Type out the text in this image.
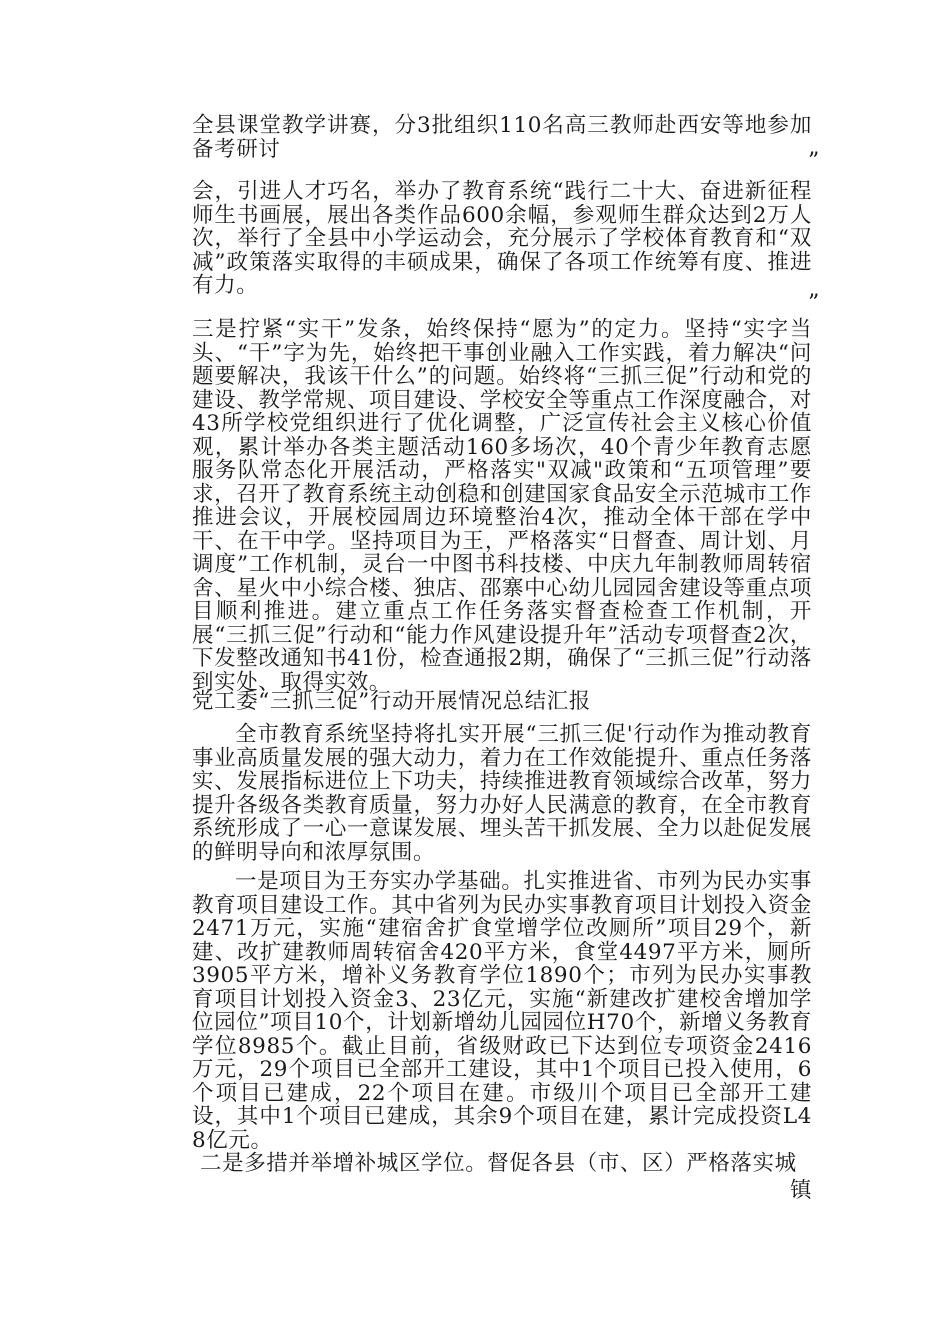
全县课堂教学讲赛，分3批组织110名高三教师赴西安等地参加备考研讨	”
会，引进人才巧名，举办了教育系统“践行二十大、奋进新征程师生书画展，展出各类作品600余幅，参观师生群众达到2万人次，举行了全县中小学运动会，充分展示了学校体育教育和“双减”政策落实取得的丰硕成果，确保了各项工作统筹有度、推进有力。
”
三是拧紧“实干”发条，始终保持“愿为”的定力。坚持“实字当头、“干”字为先，始终把干事创业融入工作实践，着力解决“问题要解决，我该干什么”的问题。始终将“三抓三促”行动和党的建设、教学常规、项目建设、学校安全等重点工作深度融合，对43所学校党组织进行了优化调整，广泛宣传社会主义核心价值观，累计举办各类主题活动160多场次，40个青少年教育志愿服务队常态化开展活动，严格落实"双减"政策和“五项管理”要求，召开了教育系统主动创稳和创建国家食品安全示范城市工作推进会议，开展校园周边环境整治4次，推动全体干部在学中干、在干中学。坚持项目为王，严格落实“日督查、周计划、月调度”工作机制，灵台一中图书科技楼、中庆九年制教师周转宿舍、星火中小综合楼、独店、邵寨中心幼儿园园舍建设等重点项目顺利推进。建立重点工作任务落实督查检查工作机制，开展“三抓三促”行动和“能力作风建设提升年”活动专项督查2次，下发整改通知书41份，检查通报2期，确保了“三抓三促”行动落到实处、取得实效。
党工委“三抓三促”行动开展情况总结汇报
全市教育系统坚持将扎实开展“三抓三促'行动作为推动教育事业高质量发展的强大动力，着力在工作效能提升、重点任务落实、发展指标进位上下功夫，持续推进教育领域综合改革，努力提升各级各类教育质量，努力办好人民满意的教育，在全市教育系统形成了一心一意谋发展、埋头苦干抓发展、全力以赴促发展的鲜明导向和浓厚氛围。
一是项目为王夯实办学基础。扎实推进省、市列为民办实事教育项目建设工作。其中省列为民办实事教育项目计划投入资金2471万元，实施“建宿舍扩食堂增学位改厕所”项目29个，新建、改扩建教师周转宿舍420平方米，食堂4497平方米，厕所3905平方米，增补义务教育学位1890个；市列为民办实事教育项目计划投入资金3、23亿元，实施“新建改扩建校舍增加学位园位”项目10个，计划新增幼儿园园位H70个，新增义务教育学位8985个。截止目前，省级财政已下达到位专项资金2416万元，29个项目已全部开工建设，其中1个项目已投入使用，6个项目已建成，22个项目在建。市级川个项目已全部开工建设，其中1个项目已建成，其余9个项目在建，累计完成投资L48亿元。
二是多措并举增补城区学位。督促各县（市、区）严格落实城
镇
